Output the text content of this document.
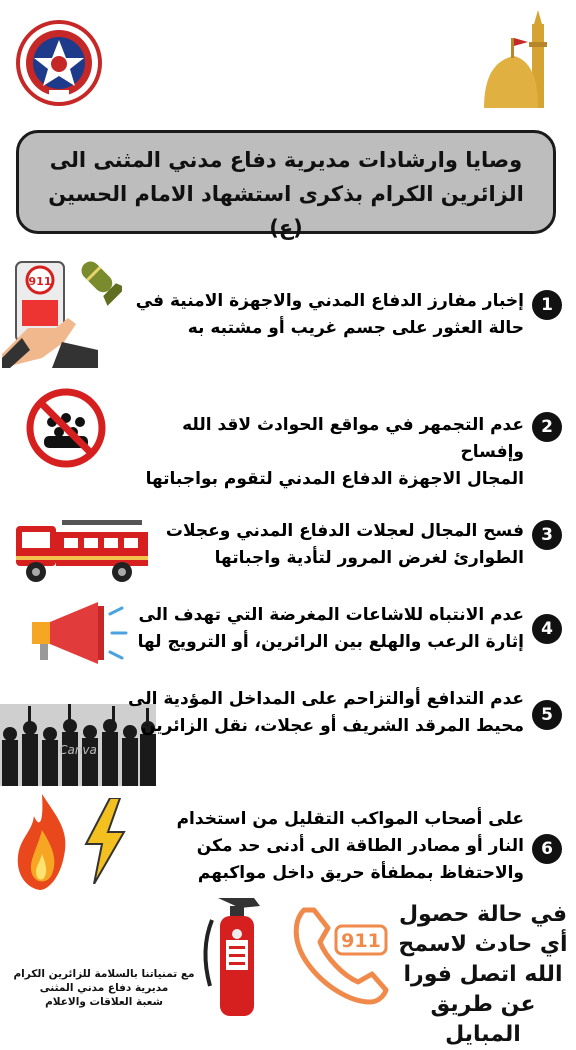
وصايا وارشادات مديرية دفاع مدني المثنى الى
الزائرين الكرام بذكرى استشهاد الامام الحسين (ع)
911
1
إخبار مفارز الدفاع المدني والاجهزة الامنية في
حالة العثور على جسم غريب أو مشتبه به
2
عدم التجمهر في مواقع الحوادث لاقد الله وإفساح
المجال الاجهزة الدفاع المدني لتقوم بواجباتها
3
فسح المجال لعجلات الدفاع المدني وعجلات
الطوارئ لغرض المرور لتأدية واجباتها
4
عدم الانتباه للاشاعات المغرضة التي تهدف الى
إثارة الرعب والهلع بين الرائرين، أو الترويج لها
Canva
5
عدم التدافع أوالتزاحم على المداخل المؤدية الى
محيط المرقد الشريف أو عجلات، نقل الزائرين
6
على أصحاب المواكب التقليل من استخدام
النار أو مصادر الطاقة الى أدنى حد مكن
والاحتفاظ بمطفأة حريق داخل مواكبهم
مع تمنياتنا بالسلامة للزائرين الكرام
مديرية دفاع مدني المثنى
شعبة العلاقات والاعلام
911
في حالة حصول
أي حادث لاسمح
الله اتصل فورا
عن طريق المبايل
